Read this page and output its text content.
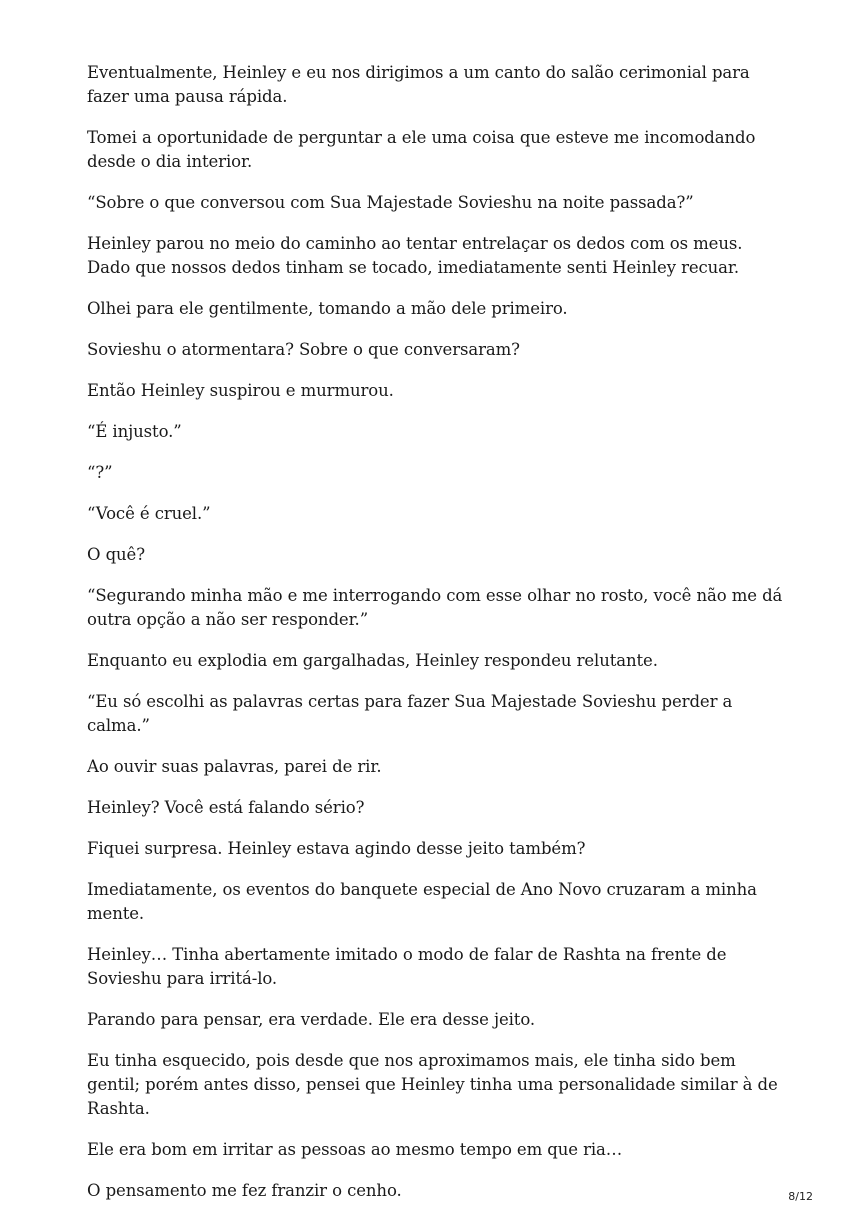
Eventualmente, Heinley e eu nos dirigimos a um canto do salão cerimonial para fazer uma pausa rápida.

Tomei a oportunidade de perguntar a ele uma coisa que esteve me incomodando desde o dia interior.

“Sobre o que conversou com Sua Majestade Sovieshu na noite passada?”

Heinley parou no meio do caminho ao tentar entrelaçar os dedos com os meus. Dado que nossos dedos tinham se tocado, imediatamente senti Heinley recuar.

Olhei para ele gentilmente, tomando a mão dele primeiro.

Sovieshu o atormentara? Sobre o que conversaram?

Então Heinley suspirou e murmurou.

“É injusto.”

“?”

“Você é cruel.”

O quê?

“Segurando minha mão e me interrogando com esse olhar no rosto, você não me dá outra opção a não ser responder.”

Enquanto eu explodia em gargalhadas, Heinley respondeu relutante.

“Eu só escolhi as palavras certas para fazer Sua Majestade Sovieshu perder a calma.”

Ao ouvir suas palavras, parei de rir.

Heinley? Você está falando sério?

Fiquei surpresa. Heinley estava agindo desse jeito também?

Imediatamente, os eventos do banquete especial de Ano Novo cruzaram a minha mente.

Heinley… Tinha abertamente imitado o modo de falar de Rashta na frente de Sovieshu para irritá-lo.

Parando para pensar, era verdade. Ele era desse jeito.

Eu tinha esquecido, pois desde que nos aproximamos mais, ele tinha sido bem gentil; porém antes disso, pensei que Heinley tinha uma personalidade similar à de Rashta.

Ele era bom em irritar as pessoas ao mesmo tempo em que ria…

O pensamento me fez franzir o cenho.	8/12
